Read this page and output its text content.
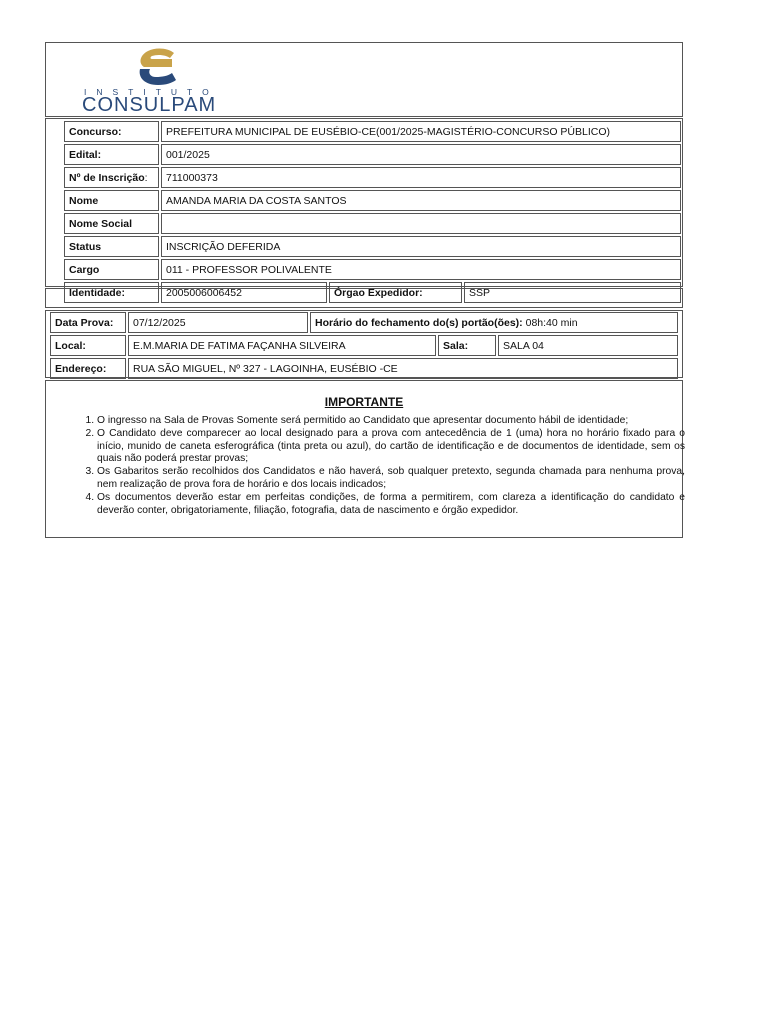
INSTITUTO
CONSULPAM
Concurso:	PREFEITURA MUNICIPAL DE EUSÉBIO-CE(001/2025-MAGISTÉRIO-CONCURSO PÚBLICO)		
Edital:	001/2025		
Nº de Inscrição:	711000373		
Nome	AMANDA MARIA DA COSTA SANTOS		
Nome Social			
Status	INSCRIÇÃO DEFERIDA		
Cargo	011 - PROFESSOR POLIVALENTE		
Identidade:	2005006006452	Órgao Expedidor:	SSP
Data Prova:	07/12/2025	Horário do fechamento do(s) portão(ões): 08h:40 min		
Local:	E.M.MARIA DE FATIMA FAÇANHA SILVEIRA		Sala:	SALA 04
Endereço:	RUA SÃO MIGUEL, Nº 327 - LAGOINHA, EUSÉBIO -CE			
IMPORTANTE
1. O ingresso na Sala de Provas Somente será permitido ao Candidato que apresentar documento hábil de identidade;
2. O Candidato deve comparecer ao local designado para a prova com antecedência de 1 (uma) hora no horário fixado para o início, munido de caneta esferográfica (tinta preta ou azul), do cartão de identificação e de documentos de identidade, sem os quais não poderá prestar provas;
3. Os Gabaritos serão recolhidos dos Candidatos e não haverá, sob qualquer pretexto, segunda chamada para nenhuma prova, nem realização de prova fora de horário e dos locais indicados;
4. Os documentos deverão estar em perfeitas condições, de forma a permitirem, com clareza a identificação do candidato e deverão conter, obrigatoriamente, filiação, fotografia, data de nascimento e órgão expedidor.
